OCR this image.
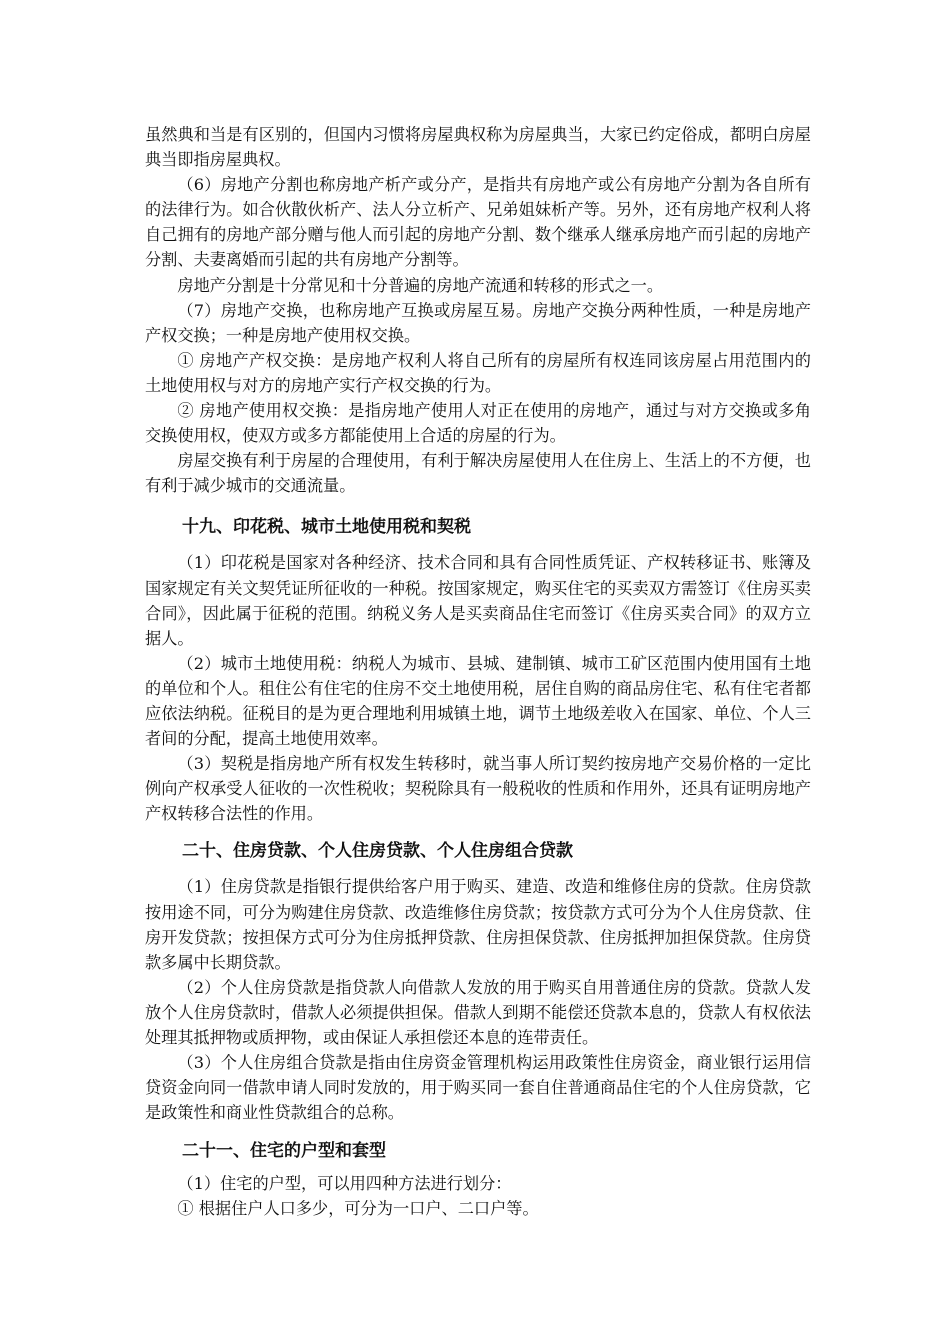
虽然典和当是有区别的，但国内习惯将房屋典权称为房屋典当，大家已约定俗成，都明白房屋典当即指房屋典权。

（6）房地产分割也称房地产析产或分产，是指共有房地产或公有房地产分割为各自所有的法律行为。如合伙散伙析产、法人分立析产、兄弟姐妹析产等。另外，还有房地产权利人将自己拥有的房地产部分赠与他人而引起的房地产分割、数个继承人继承房地产而引起的房地产分割、夫妻离婚而引起的共有房地产分割等。

房地产分割是十分常见和十分普遍的房地产流通和转移的形式之一。

（7）房地产交换，也称房地产互换或房屋互易。房地产交换分两种性质，一种是房地产产权交换；一种是房地产使用权交换。

① 房地产产权交换：是房地产权利人将自己所有的房屋所有权连同该房屋占用范围内的土地使用权与对方的房地产实行产权交换的行为。

② 房地产使用权交换：是指房地产使用人对正在使用的房地产，通过与对方交换或多角交换使用权，使双方或多方都能使用上合适的房屋的行为。

房屋交换有利于房屋的合理使用，有利于解决房屋使用人在住房上、生活上的不方便，也有利于减少城市的交通流量。

十九、印花税、城市土地使用税和契税

（1）印花税是国家对各种经济、技术合同和具有合同性质凭证、产权转移证书、账簿及国家规定有关文契凭证所征收的一种税。按国家规定，购买住宅的买卖双方需签订《住房买卖合同》，因此属于征税的范围。纳税义务人是买卖商品住宅而签订《住房买卖合同》的双方立据人。

（2）城市土地使用税：纳税人为城市、县城、建制镇、城市工矿区范围内使用国有土地的单位和个人。租住公有住宅的住房不交土地使用税，居住自购的商品房住宅、私有住宅者都应依法纳税。征税目的是为更合理地利用城镇土地，调节土地级差收入在国家、单位、个人三者间的分配，提高土地使用效率。

（3）契税是指房地产所有权发生转移时，就当事人所订契约按房地产交易价格的一定比例向产权承受人征收的一次性税收；契税除具有一般税收的性质和作用外，还具有证明房地产产权转移合法性的作用。

二十、住房贷款、个人住房贷款、个人住房组合贷款

（1）住房贷款是指银行提供给客户用于购买、建造、改造和维修住房的贷款。住房贷款按用途不同，可分为购建住房贷款、改造维修住房贷款；按贷款方式可分为个人住房贷款、住房开发贷款；按担保方式可分为住房抵押贷款、住房担保贷款、住房抵押加担保贷款。住房贷款多属中长期贷款。

（2）个人住房贷款是指贷款人向借款人发放的用于购买自用普通住房的贷款。贷款人发放个人住房贷款时，借款人必须提供担保。借款人到期不能偿还贷款本息的，贷款人有权依法处理其抵押物或质押物，或由保证人承担偿还本息的连带责任。

（3）个人住房组合贷款是指由住房资金管理机构运用政策性住房资金，商业银行运用信贷资金向同一借款申请人同时发放的，用于购买同一套自住普通商品住宅的个人住房贷款，它是政策性和商业性贷款组合的总称。

二十一、住宅的户型和套型

（1）住宅的户型，可以用四种方法进行划分：

① 根据住户人口多少，可分为一口户、二口户等。
